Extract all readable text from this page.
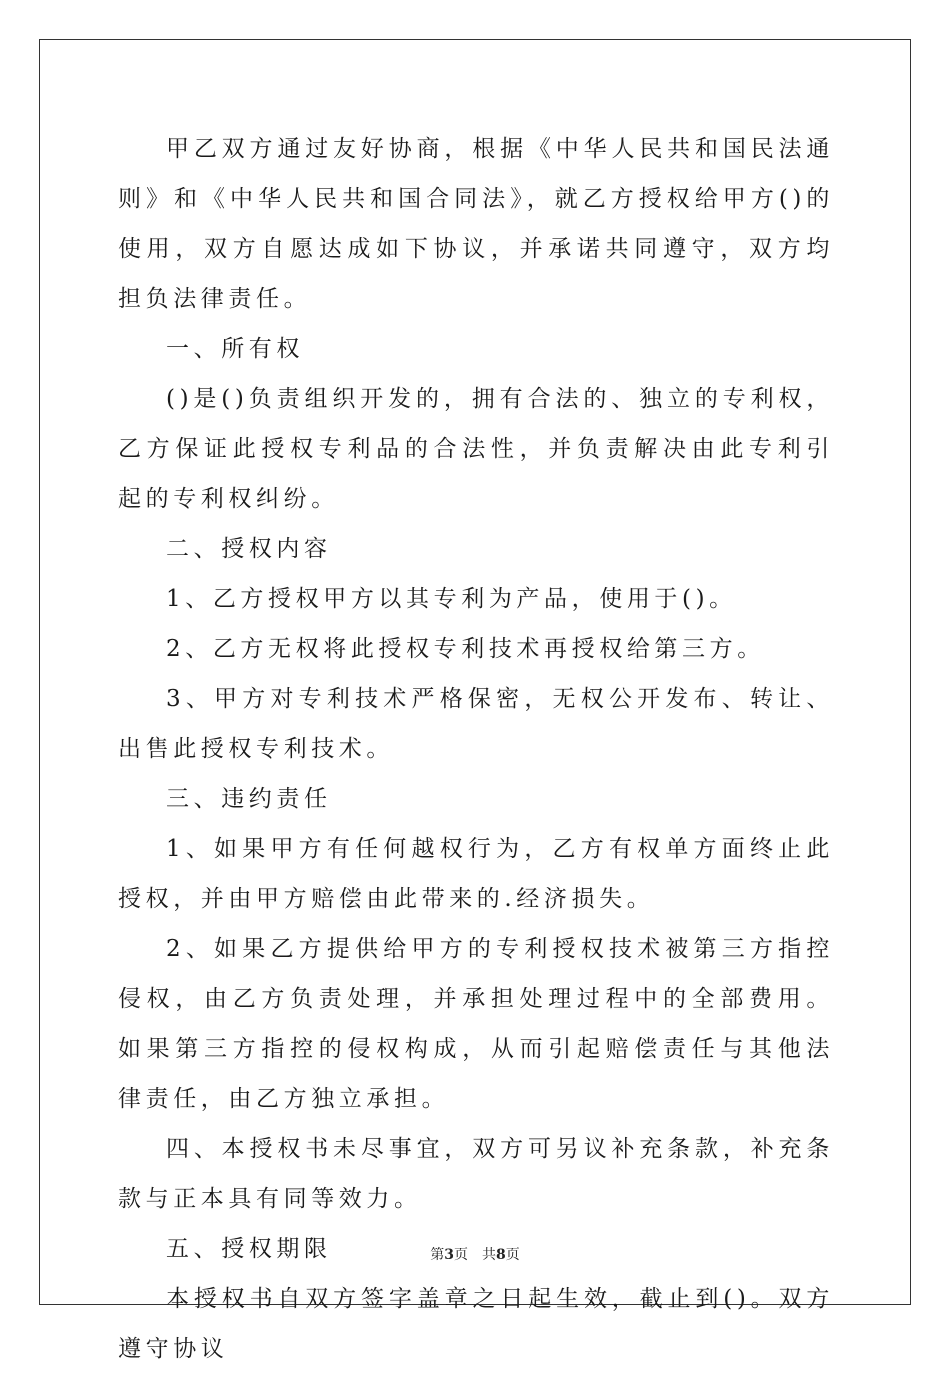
甲乙双方通过友好协商，根据《中华人民共和国民法通则》和《中华人民共和国合同法》，就乙方授权给甲方()的使用，双方自愿达成如下协议，并承诺共同遵守，双方均担负法律责任。

一、所有权

()是()负责组织开发的，拥有合法的、独立的专利权，乙方保证此授权专利品的合法性，并负责解决由此专利引起的专利权纠纷。

二、授权内容

1、乙方授权甲方以其专利为产品，使用于()。

2、乙方无权将此授权专利技术再授权给第三方。

3、甲方对专利技术严格保密，无权公开发布、转让、出售此授权专利技术。

三、违约责任

1、如果甲方有任何越权行为，乙方有权单方面终止此授权，并由甲方赔偿由此带来的.经济损失。

2、如果乙方提供给甲方的专利授权技术被第三方指控侵权，由乙方负责处理，并承担处理过程中的全部费用。如果第三方指控的侵权构成，从而引起赔偿责任与其他法律责任，由乙方独立承担。

四、本授权书未尽事宜，双方可另议补充条款，补充条款与正本具有同等效力。

五、授权期限

本授权书自双方签字盖章之日起生效，截止到()。双方遵守协议

第3页　共8页
